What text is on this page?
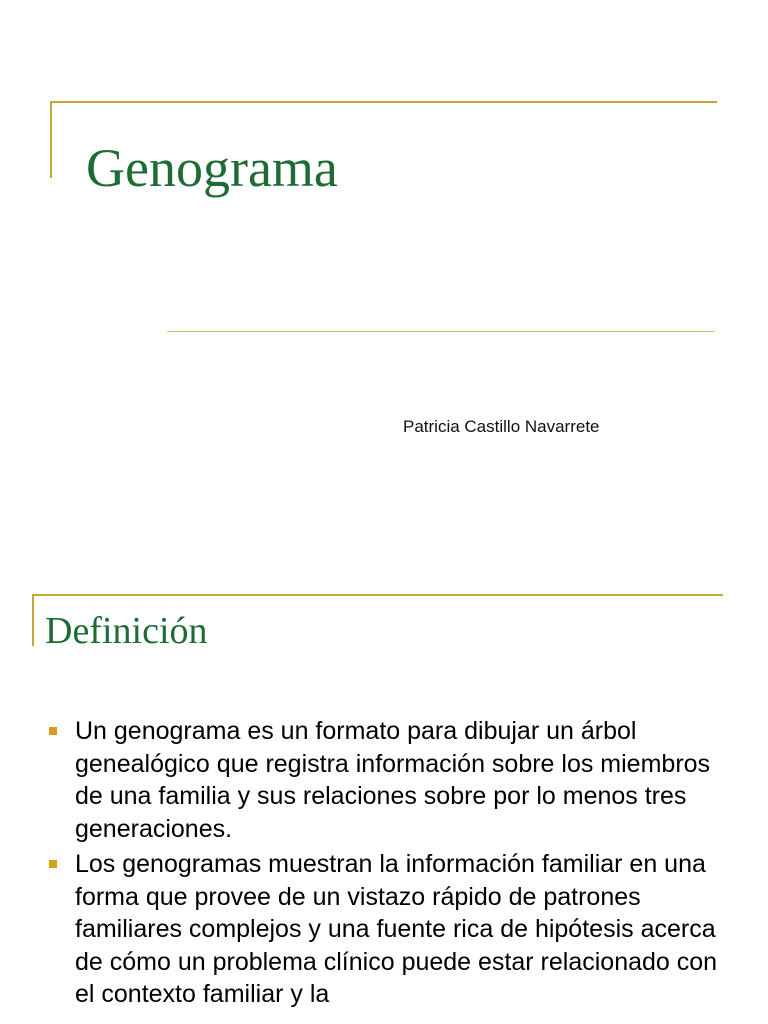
Genograma
Patricia Castillo Navarrete
Definición
Un genograma es un formato para dibujar un árbol genealógico que registra información sobre los miembros de una familia y sus relaciones sobre por lo menos tres generaciones.
Los genogramas muestran la información familiar en una forma que provee de un vistazo rápido de patrones familiares complejos y una fuente rica de hipótesis acerca de cómo un problema clínico puede estar relacionado con el contexto familiar y la
